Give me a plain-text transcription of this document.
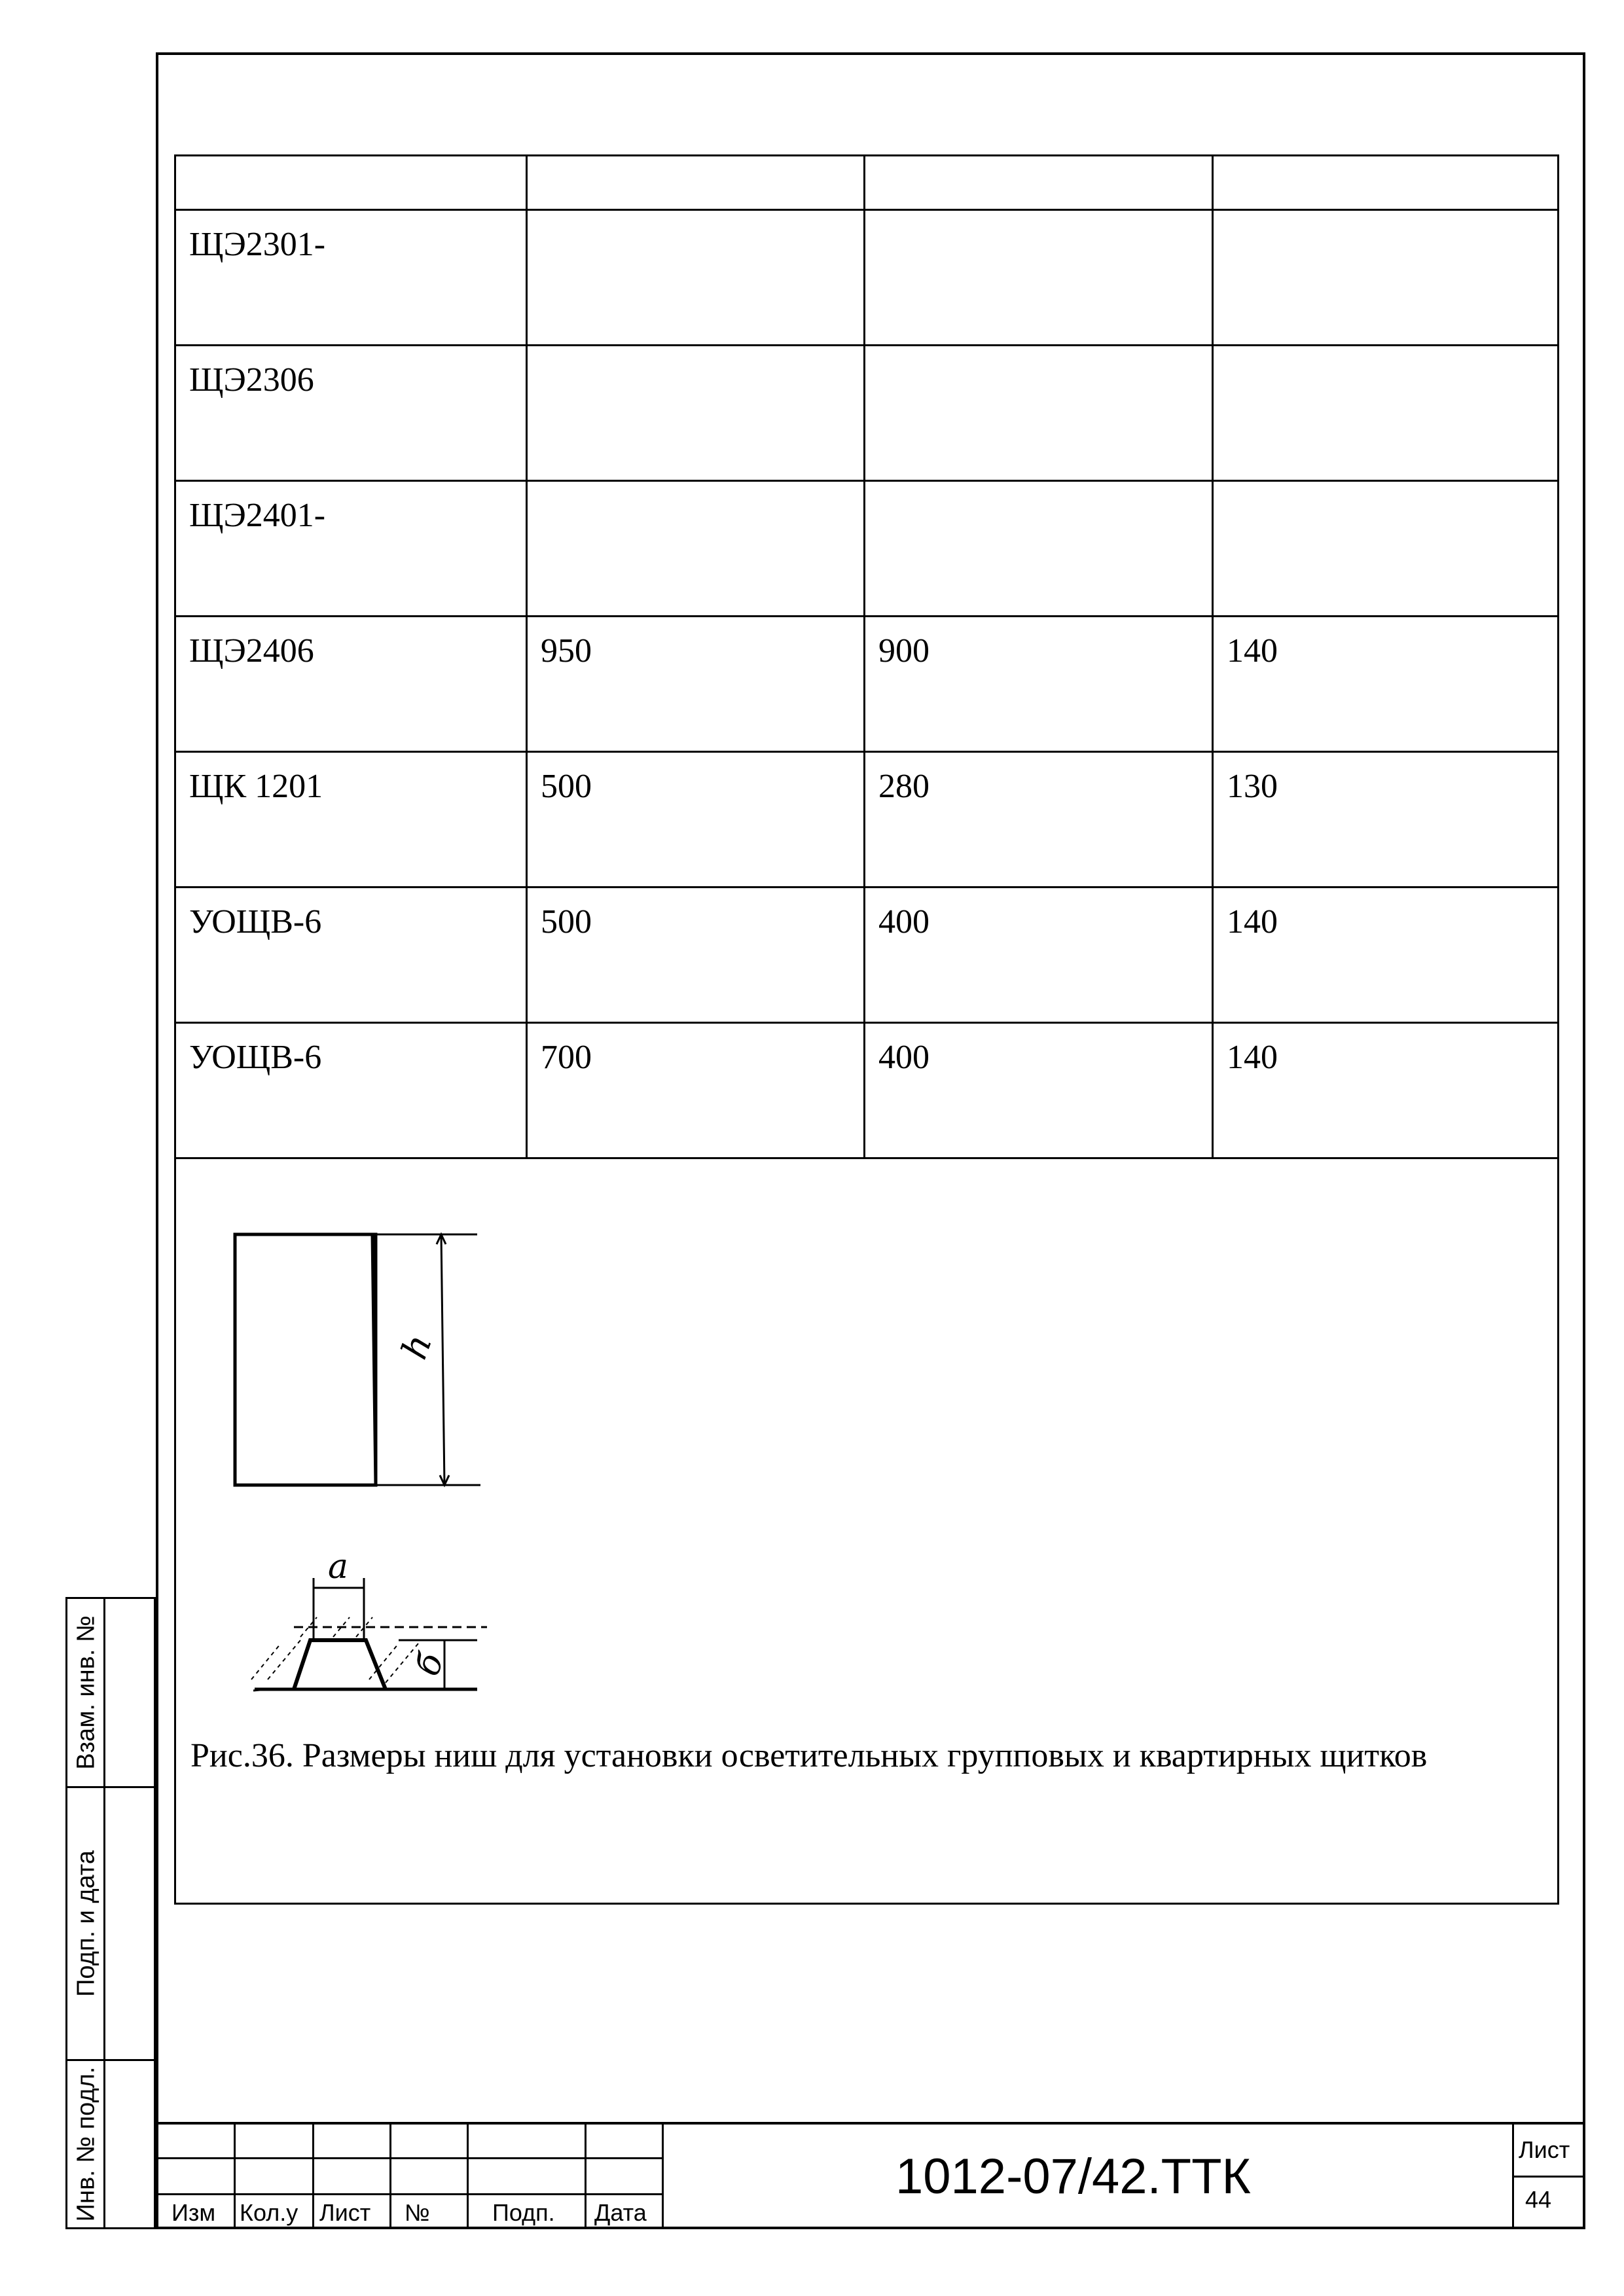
ЩЭ2301-			
ЩЭ2306			
ЩЭ2401-			
ЩЭ2406	950	900	140
ЩК 1201	500	280	130
УОЩВ-6	500	400	140
УОЩВ-6	700	400	140

h
a
б
Рис.36. Размеры ниш для установки осветительных групповых и квартирных щитков			
Взам. инв. №
Подп. и дата
Инв. № подл.	Изм Кол.у Лист №	Подп. Дата
1012-07/42.ТТК	Лист
44
